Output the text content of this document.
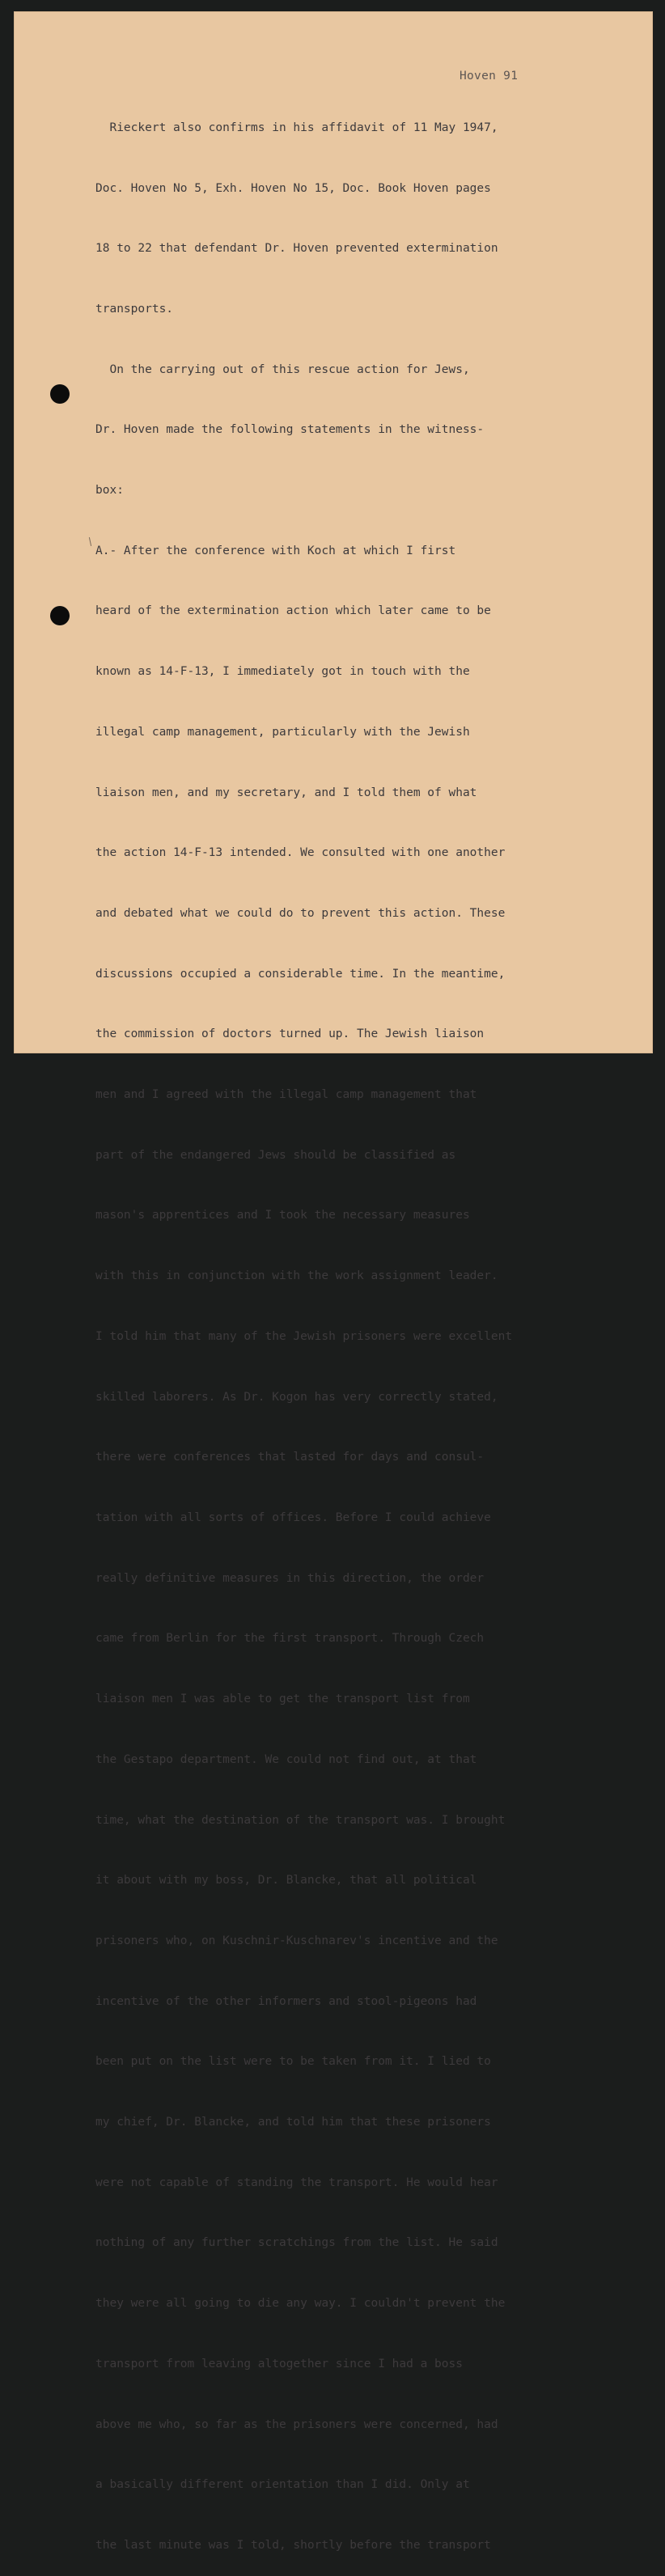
Hoven 91

Rieckert also confirms in his affidavit of 11 May 1947,

Doc. Hoven No 5, Exh. Hoven No 15, Doc. Book Hoven pages

18 to 22 that defendant Dr. Hoven prevented extermination

transports.

On the carrying out of this rescue action for Jews,

Dr. Hoven made the following statements in the witness-

box:

A.- After the conference with Koch at which I first

heard of the extermination action which later came to be

known as 14-F-13, I immediately got in touch with the

illegal camp management, particularly with the Jewish

liaison men, and my secretary, and I told them of what

the action 14-F-13 intended. We consulted with one another

and debated what we could do to prevent this action. These

discussions occupied a considerable time. In the meantime,

the commission of doctors turned up. The Jewish liaison

men and I agreed with the illegal camp management that

part of the endangered Jews should be classified as

mason's apprentices and I took the necessary measures

with this in conjunction with the work assignment leader.

I told him that many of the Jewish prisoners were excellent

skilled laborers. As Dr. Kogon has very correctly stated,

there were conferences that lasted for days and consul-

tation with all sorts of offices. Before I could achieve

really definitive measures in this direction, the order

came from Berlin for the first transport. Through Czech

liaison men I was able to get the transport list from

the Gestapo department. We could not find out, at that

time, what the destination of the transport was. I brought

it about with my boss, Dr. Blancke, that all political

prisoners who, on Kuschnir-Kuschnarev's incentive and the

incentive of the other informers and stool-pigeons had

been put on the list were to be taken from it. I lied to

my chief, Dr. Blancke, and told him that these prisoners

were not capable of standing the transport. He would hear

nothing of any further scratchings from the list. He said

they were all going to die any way. I couldn't prevent the

transport from leaving altogether since I had a boss

above me who, so far as the prisoners were concerned, had

a basically different orientation than I did. Only at

the last minute was I told, shortly before the transport
